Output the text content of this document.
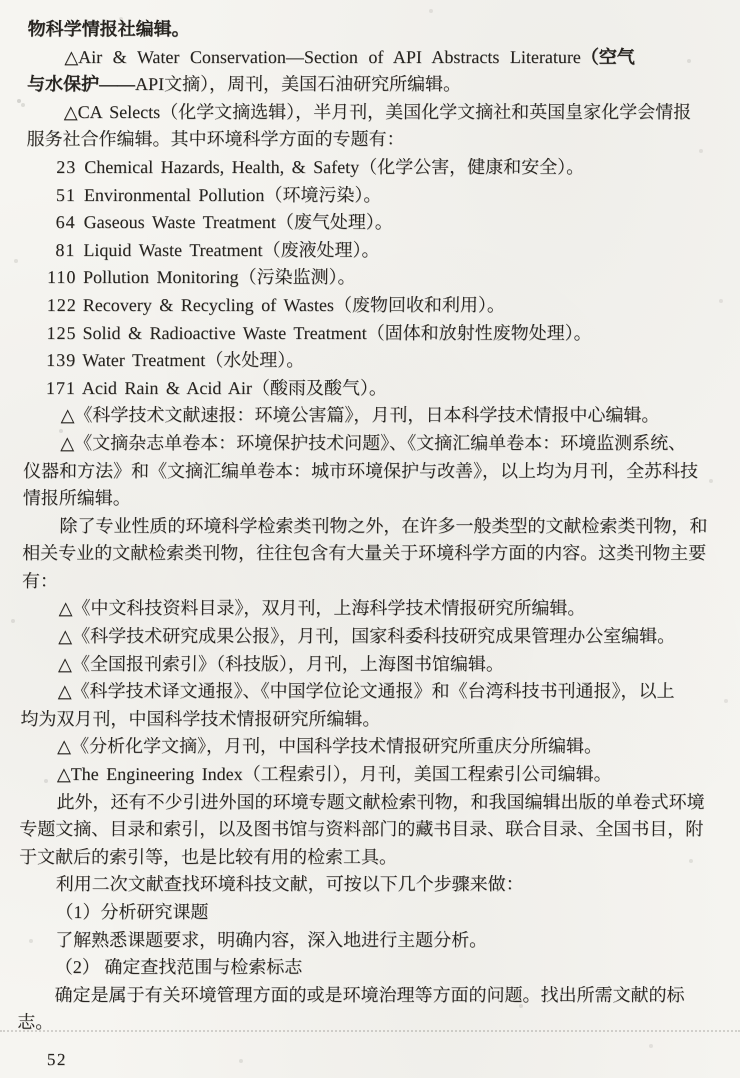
物科学情报社编辑。
△Air & Water Conservation—Section of API Abstracts Literature（空气
与水保护——API文摘），周刊，美国石油研究所编辑。
△CA Selects（化学文摘选辑），半月刊，美国化学文摘社和英国皇家化学会情报
服务社合作编辑。其中环境科学方面的专题有：
23 Chemical Hazards, Health, & Safety（化学公害，健康和安全）。
51 Environmental Pollution（环境污染）。
64 Gaseous Waste Treatment（废气处理）。
81 Liquid Waste Treatment（废液处理）。
110 Pollution Monitoring（污染监测）。
122 Recovery & Recycling of Wastes（废物回收和利用）。
125 Solid & Radioactive Waste Treatment（固体和放射性废物处理）。
139 Water Treatment（水处理）。
171 Acid Rain & Acid Air（酸雨及酸气）。
△《科学技术文献速报：环境公害篇》，月刊，日本科学技术情报中心编辑。
△《文摘杂志单卷本：环境保护技术问题》、《文摘汇编单卷本：环境监测系统、
仪器和方法》和《文摘汇编单卷本：城市环境保护与改善》，以上均为月刊，全苏科技
情报所编辑。
除了专业性质的环境科学检索类刊物之外，在许多一般类型的文献检索类刊物，和
相关专业的文献检索类刊物，往往包含有大量关于环境科学方面的内容。这类刊物主要
有：
△《中文科技资料目录》，双月刊，上海科学技术情报研究所编辑。
△《科学技术研究成果公报》，月刊，国家科委科技研究成果管理办公室编辑。
△《全国报刊索引》（科技版），月刊，上海图书馆编辑。
△《科学技术译文通报》、《中国学位论文通报》和《台湾科技书刊通报》，以上
均为双月刊，中国科学技术情报研究所编辑。
△《分析化学文摘》，月刊，中国科学技术情报研究所重庆分所编辑。
△The Engineering Index（工程索引），月刊，美国工程索引公司编辑。
此外，还有不少引进外国的环境专题文献检索刊物，和我国编辑出版的单卷式环境
专题文摘、目录和索引，以及图书馆与资料部门的藏书目录、联合目录、全国书目，附
于文献后的索引等，也是比较有用的检索工具。
利用二次文献查找环境科技文献，可按以下几个步骤来做：
（1）分析研究课题
了解熟悉课题要求，明确内容，深入地进行主题分析。
（2） 确定查找范围与检索标志
确定是属于有关环境管理方面的或是环境治理等方面的问题。找出所需文献的标
志。
52
